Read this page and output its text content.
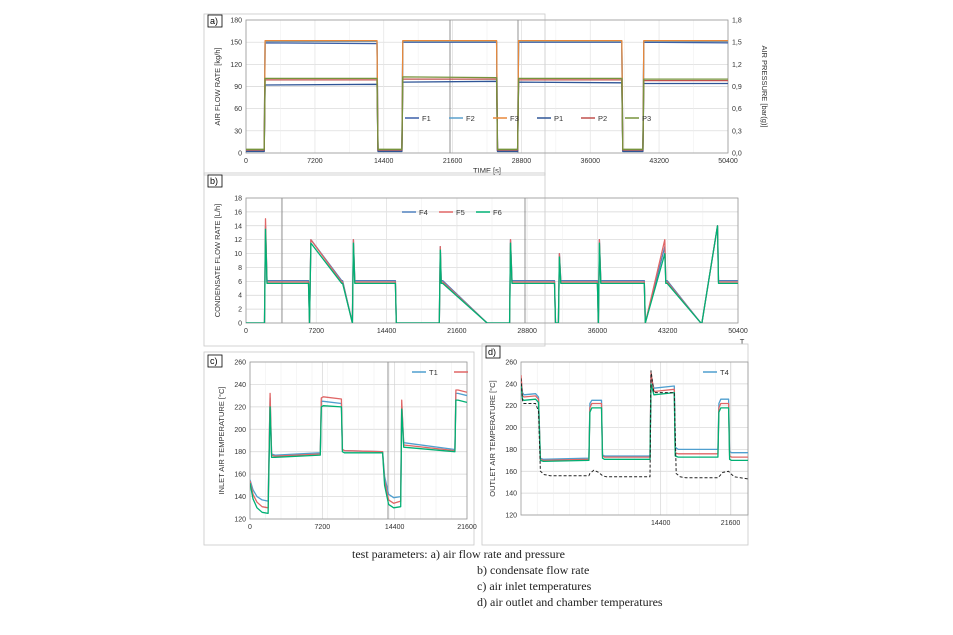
a)
0
30
60
90
120
150
180
0	7200	14400	21600	28800	36000	43200	50400
0,0
0,3
0,6
0,9
1,2
1,5
1,8
AIR FLOW RATE [kg/h]	AIR PRESSURE [bar(g)]
TIME [s]
F1	F2	F3	P1	P2	P3
b)
0
2
4
6
8
10
12
14
16
18
0	7200	14400	21600	28800	36000	43200	50400
CONDENSATE FLOW RATE [L/h]
T
F4	F5	F6
c)
120
140
160
180
200
220
240
260
0	7200	14400	21600
INLET AIR TEMPERATURE [°C]
T1
d)
120
140
160
180
200
220
240
260
14400	21600
OUTLET AIR TEMPERATURE [°C]
T4
test parameters: a) air flow rate and pressure
b) condensate flow rate
c) air inlet temperatures
d) air outlet and chamber temperatures
